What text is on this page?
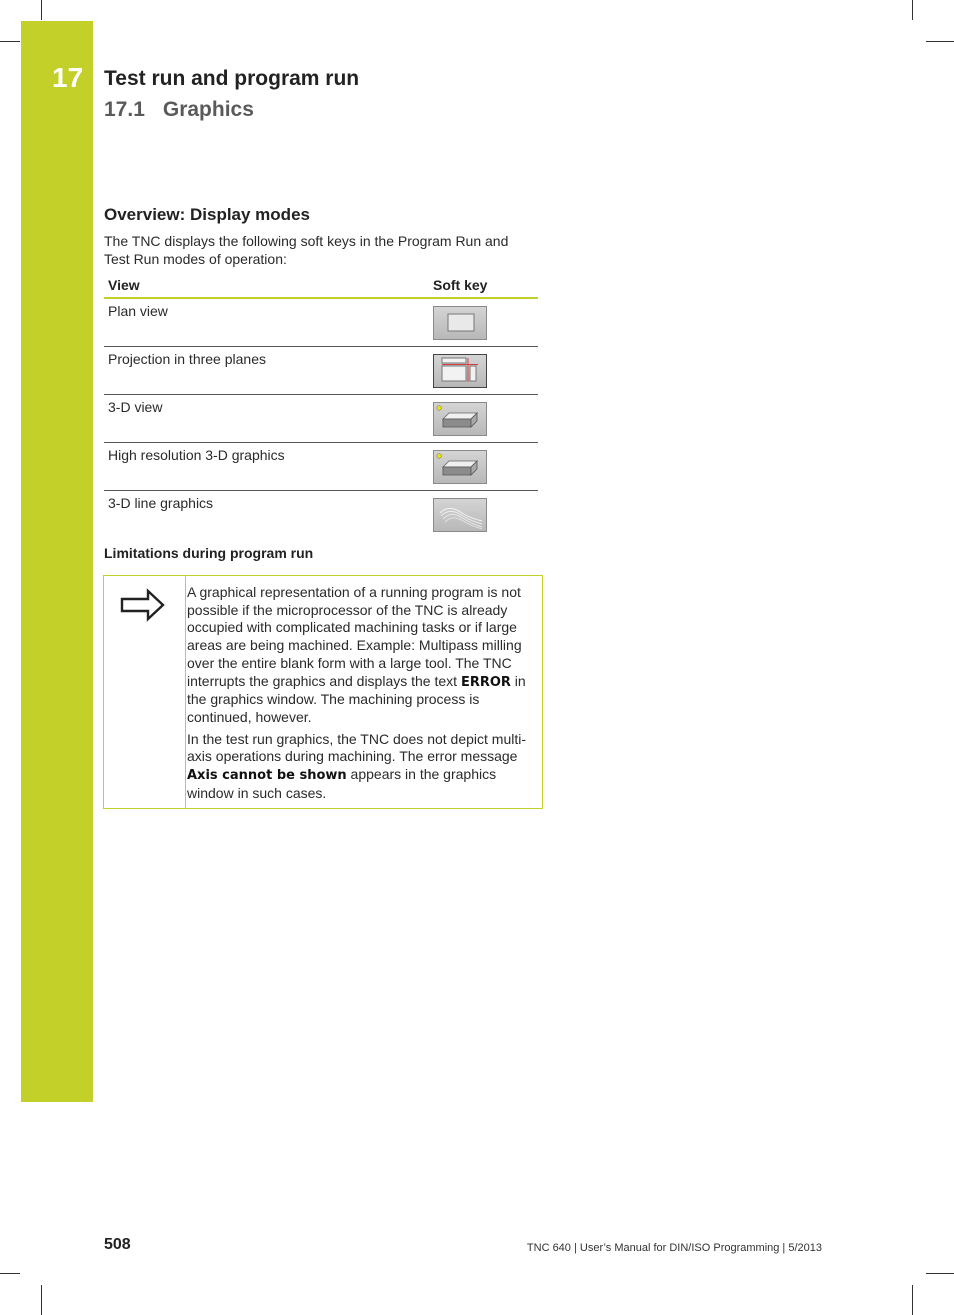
17 Test run and program run
17.1 Graphics
Overview: Display modes

The TNC displays the following soft keys in the Program Run and Test Run modes of operation:

View	Soft key
Plan view	

Projection in three planes	

3-D view	

High resolution 3-D graphics	

3-D line graphics	
Limitations during program run

A graphical representation of a running program is not possible if the microprocessor of the TNC is already occupied with complicated machining tasks or if large areas are being machined. Example: Multipass milling over the entire blank form with a large tool. The TNC interrupts the graphics and displays the text ERROR in the graphics window. The machining process is continued, however.

In the test run graphics, the TNC does not depict multi-axis operations during machining. The error message Axis cannot be shown appears in the graphics window in such cases.

508	TNC 640 | User’s Manual for DIN/ISO Programming | 5/2013
